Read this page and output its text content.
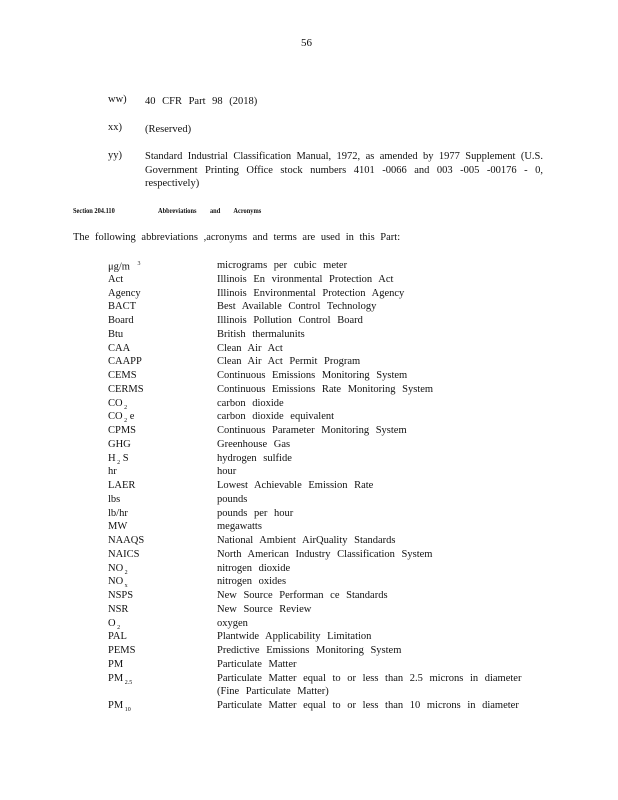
56
ww) 40 CFR Part 98 (2018)
xx) (Reserved)
yy) Standard Industrial Classification Manual, 1972, as amended by 1977 Supplement (U.S. Government Printing Office stock numbers 4101 -0066 and 003 -005 -00176 - 0, respectively)
Section 204.110	Abbreviations and Acronyms
The following abbreviations ,acronyms and terms are used in this Part:
μg/m $^3$	micrograms per cubic meter
Act	Illinois En vironmental Protection Act
Agency	Illinois Environmental Protection Agency
BACT	Best Available Control Technology
Board	Illinois Pollution Control Board
Btu	British thermalunits
CAA	Clean Air Act
CAAPP	Clean Air Act Permit Program
CEMS	Continuous Emissions Monitoring System
CERMS	Continuous Emissions Rate Monitoring System
CO $_2$	carbon dioxide
CO $_2$ e	carbon dioxide equivalent
CPMS	Continuous Parameter Monitoring System
GHG	Greenhouse Gas
H $_2$ S	hydrogen sulfide
hr	hour
LAER	Lowest Achievable Emission Rate
lbs	pounds
lb/hr	pounds per hour
MW	megawatts
NAAQS	National Ambient AirQuality Standards
NAICS	North American Industry Classification System
NO $_2$	nitrogen dioxide
NO $_x$	nitrogen oxides
NSPS	New Source Performan ce Standards
NSR	New Source Review
O $_2$	oxygen
PAL	Plantwide Applicability Limitation
PEMS	Predictive Emissions Monitoring System
PM	Particulate Matter
PM $_{2.5}$	Particulate Matter equal to or less than 2.5 microns in diameter
(Fine Particulate Matter)
PM $_{10}$	Particulate Matter equal to or less than 10 microns in diameter
